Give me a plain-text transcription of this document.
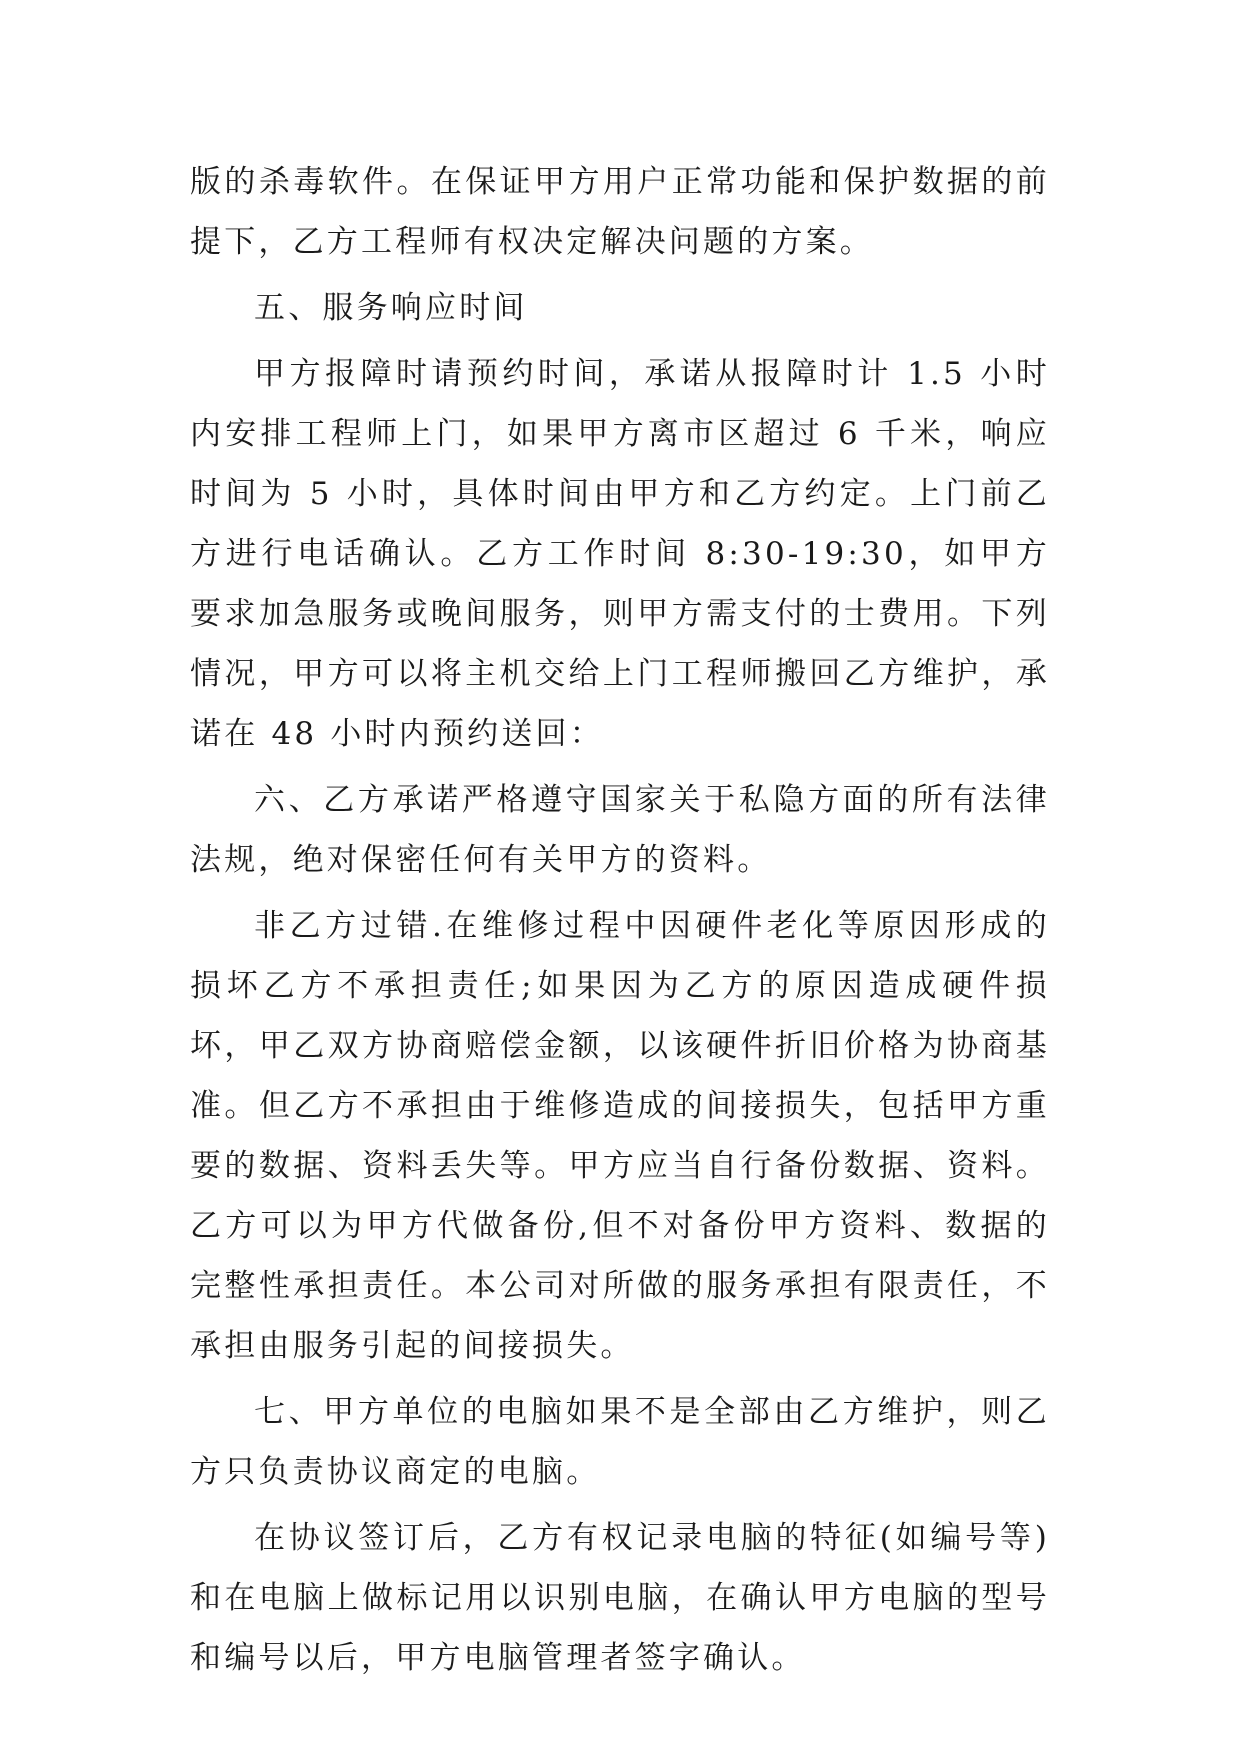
版的杀毒软件。在保证甲方用户正常功能和保护数据的前提下，乙方工程师有权决定解决问题的方案。

五、服务响应时间

甲方报障时请预约时间，承诺从报障时计 1.5 小时内安排工程师上门，如果甲方离市区超过 6 千米，响应时间为 5 小时，具体时间由甲方和乙方约定。上门前乙方进行电话确认。乙方工作时间 8:30-19:30，如甲方要求加急服务或晚间服务，则甲方需支付的士费用。下列情况，甲方可以将主机交给上门工程师搬回乙方维护，承诺在 48 小时内预约送回：

六、乙方承诺严格遵守国家关于私隐方面的所有法律法规，绝对保密任何有关甲方的资料。

非乙方过错.在维修过程中因硬件老化等原因形成的损坏乙方不承担责任;如果因为乙方的原因造成硬件损坏，甲乙双方协商赔偿金额，以该硬件折旧价格为协商基准。但乙方不承担由于维修造成的间接损失，包括甲方重要的数据、资料丢失等。甲方应当自行备份数据、资料。乙方可以为甲方代做备份,但不对备份甲方资料、数据的完整性承担责任。本公司对所做的服务承担有限责任，不承担由服务引起的间接损失。

七、甲方单位的电脑如果不是全部由乙方维护，则乙方只负责协议商定的电脑。

在协议签订后，乙方有权记录电脑的特征(如编号等)和在电脑上做标记用以识别电脑，在确认甲方电脑的型号和编号以后，甲方电脑管理者签字确认。
